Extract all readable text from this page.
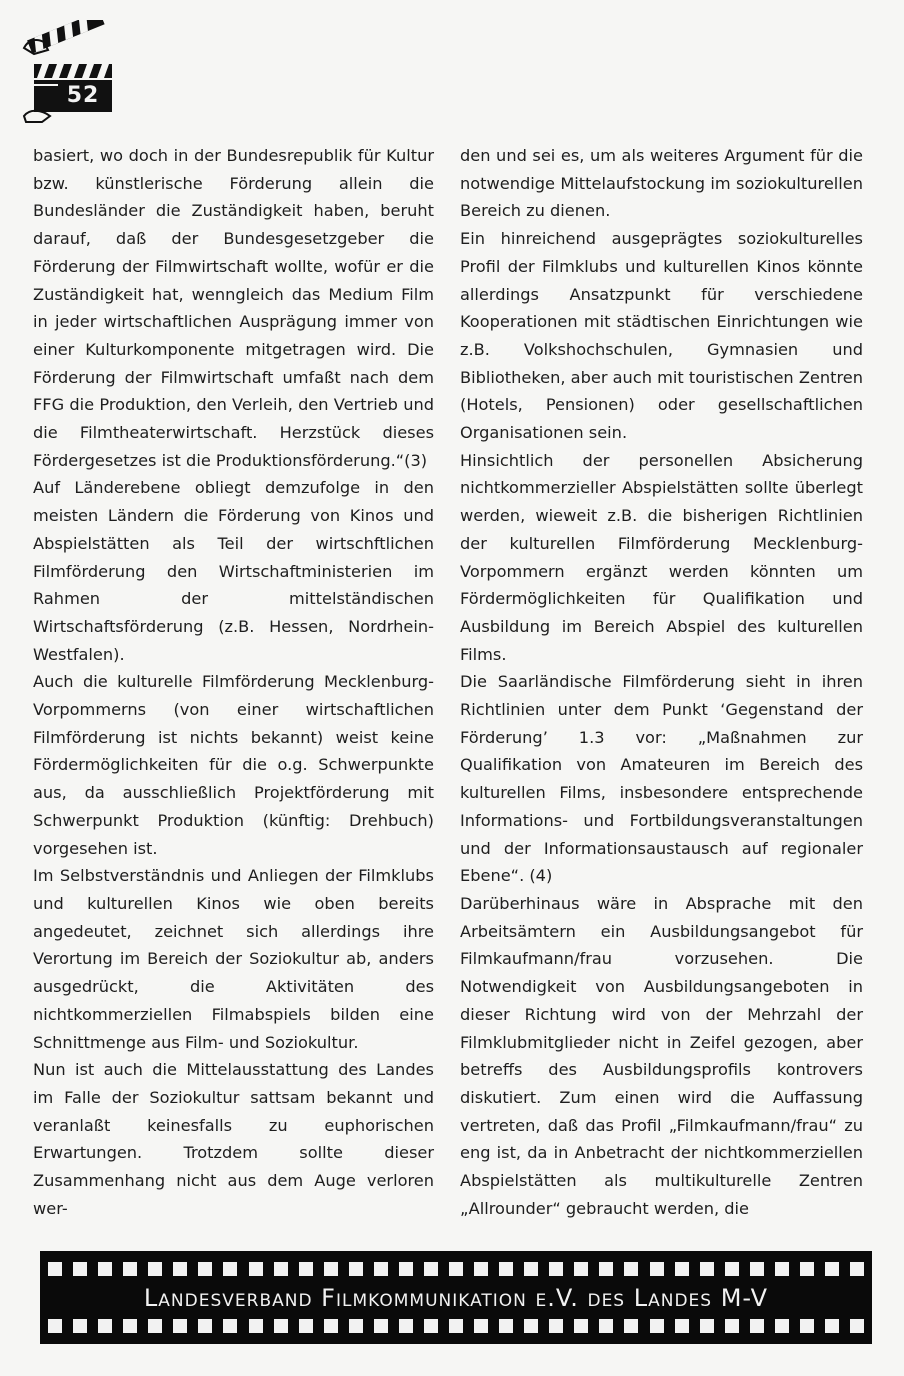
52

basiert, wo doch in der Bundesrepublik für Kultur bzw. künstlerische Förderung allein die Bundesländer die Zuständigkeit haben, beruht darauf, daß der Bundesgesetzgeber die Förderung der Filmwirtschaft wollte, wofür er die Zuständigkeit hat, wenngleich das Medium Film in jeder wirtschaftlichen Ausprägung immer von einer Kulturkomponente mitgetragen wird. Die Förderung der Filmwirtschaft umfaßt nach dem FFG die Produktion, den Verleih, den Vertrieb und die Filmtheaterwirtschaft. Herzstück dieses Fördergesetzes ist die Produktionsförderung.“(3)

Auf Länderebene obliegt demzufolge in den meisten Ländern die Förderung von Kinos und Abspielstätten als Teil der wirtschftlichen Filmförderung den Wirtschaftministerien im Rahmen der mittelständischen Wirtschaftsförderung (z.B. Hessen, Nordrhein-Westfalen).

Auch die kulturelle Filmförderung Mecklenburg-Vorpommerns (von einer wirtschaftlichen Filmförderung ist nichts bekannt) weist keine Fördermöglichkeiten für die o.g. Schwerpunkte aus, da ausschließlich Projektförderung mit Schwerpunkt Produktion (künftig: Drehbuch) vorgesehen ist.

Im Selbstverständnis und Anliegen der Filmklubs und kulturellen Kinos wie oben bereits angedeutet, zeichnet sich allerdings ihre Verortung im Bereich der Soziokultur ab, anders ausgedrückt, die Aktivitäten des nichtkommerziellen Filmabspiels bilden eine Schnittmenge aus Film- und Soziokultur.

Nun ist auch die Mittelausstattung des Landes im Falle der Soziokultur sattsam bekannt und veranlaßt keinesfalls zu euphorischen Erwartungen. Trotzdem sollte dieser Zusammenhang nicht aus dem Auge verloren wer-

den und sei es, um als weiteres Argument für die notwendige Mittelaufstockung im soziokulturellen Bereich zu dienen.

Ein hinreichend ausgeprägtes soziokulturelles Profil der Filmklubs und kulturellen Kinos könnte allerdings Ansatzpunkt für verschiedene Kooperationen mit städtischen Einrichtungen wie z.B. Volkshochschulen, Gymnasien und Bibliotheken, aber auch mit touristischen Zentren (Hotels, Pensionen) oder gesellschaftlichen Organisationen sein.

Hinsichtlich der personellen Absicherung nichtkommerzieller Abspielstätten sollte überlegt werden, wieweit z.B. die bisherigen Richtlinien der kulturellen Filmförderung Mecklenburg-Vorpommern ergänzt werden könnten um Fördermöglichkeiten für Qualifikation und Ausbildung im Bereich Abspiel des kulturellen Films.

Die Saarländische Filmförderung sieht in ihren Richtlinien unter dem Punkt ‘Gegenstand der Förderung’ 1.3 vor: „Maßnahmen zur Qualifikation von Amateuren im Bereich des kulturellen Films, insbesondere entsprechende Informations- und Fortbildungsveranstaltungen und der Informationsaustausch auf regionaler Ebene“. (4)

Darüberhinaus wäre in Absprache mit den Arbeitsämtern ein Ausbildungsangebot für Filmkaufmann/frau vorzusehen. Die Notwendigkeit von Ausbildungsangeboten in dieser Richtung wird von der Mehrzahl der Filmklubmitglieder nicht in Zeifel gezogen, aber betreffs des Ausbildungsprofils kontrovers diskutiert. Zum einen wird die Auffassung vertreten, daß das Profil „Filmkaufmann/frau“ zu eng ist, da in Anbetracht der nichtkommerziellen Abspielstätten als multikulturelle Zentren „Allrounder“ gebraucht werden, die

Landesverband Filmkommunikation e.V. des Landes M-V
